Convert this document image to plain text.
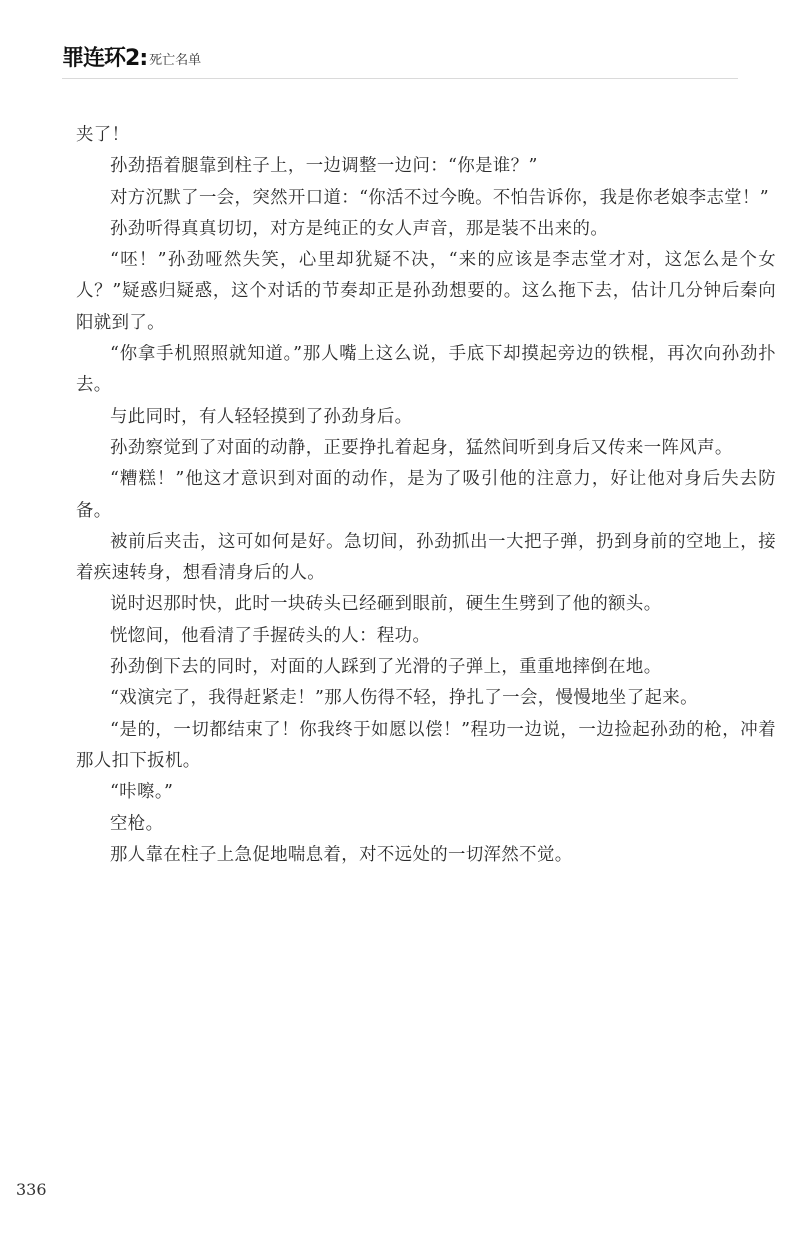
罪连环2 : 死亡名单

夹了！

孙劲捂着腿靠到柱子上，一边调整一边问：“你是谁？”

对方沉默了一会，突然开口道：“你活不过今晚。不怕告诉你，我是你老娘李志堂！”

孙劲听得真真切切，对方是纯正的女人声音，那是装不出来的。

“呸！”孙劲哑然失笑，心里却犹疑不决，“来的应该是李志堂才对，这怎么是个女人？”疑惑归疑惑，这个对话的节奏却正是孙劲想要的。这么拖下去，估计几分钟后秦向阳就到了。

“你拿手机照照就知道。”那人嘴上这么说，手底下却摸起旁边的铁棍，再次向孙劲扑去。

与此同时，有人轻轻摸到了孙劲身后。

孙劲察觉到了对面的动静，正要挣扎着起身，猛然间听到身后又传来一阵风声。

“糟糕！”他这才意识到对面的动作，是为了吸引他的注意力，好让他对身后失去防备。

被前后夹击，这可如何是好。急切间，孙劲抓出一大把子弹，扔到身前的空地上，接着疾速转身，想看清身后的人。

说时迟那时快，此时一块砖头已经砸到眼前，硬生生劈到了他的额头。

恍惚间，他看清了手握砖头的人：程功。

孙劲倒下去的同时，对面的人踩到了光滑的子弹上，重重地摔倒在地。

“戏演完了，我得赶紧走！”那人伤得不轻，挣扎了一会，慢慢地坐了起来。

“是的，一切都结束了！你我终于如愿以偿！”程功一边说，一边捡起孙劲的枪，冲着那人扣下扳机。

“咔嚓。”

空枪。

那人靠在柱子上急促地喘息着，对不远处的一切浑然不觉。

336
